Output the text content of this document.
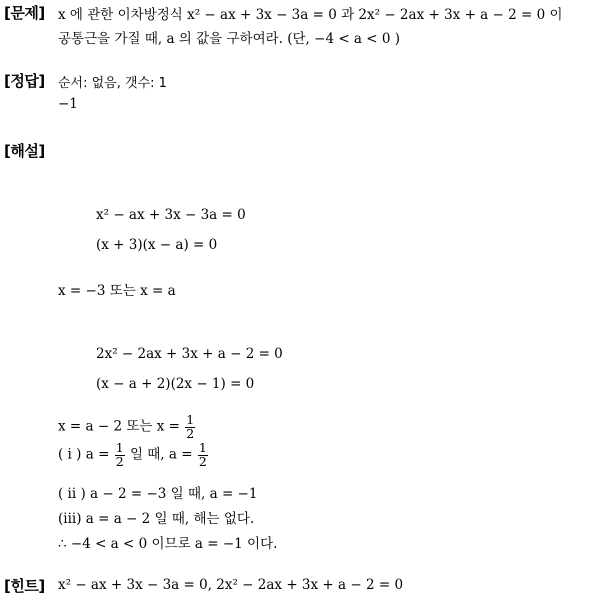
[문제]
[정답]
[해설]
[힌트]
x 에 관한 이차방정식 x² − ax + 3x − 3a = 0 과 2x² − 2ax + 3x + a − 2 = 0 이
공통근을 가질 때, a 의 값을 구하여라. (단, −4 < a < 0 )
순서: 없음, 갯수: 1
−1
x² − ax + 3x − 3a = 0
(x + 3)(x − a) = 0
x = −3 또는 x = a
2x² − 2ax + 3x + a − 2 = 0
(x − a + 2)(2x − 1) = 0
x = a − 2 또는 $x = \frac{1}{2}$
( i ) $a = \frac{1}{2}$ 일 때, $a = \frac{1}{2}$
( ii ) a − 2 = −3 일 때, a = −1
(iii) a = a − 2 일 때, 해는 없다.
∴ −4 < a < 0 이므로 a = −1 이다.
x² − ax + 3x − 3a = 0, 2x² − 2ax + 3x + a − 2 = 0
